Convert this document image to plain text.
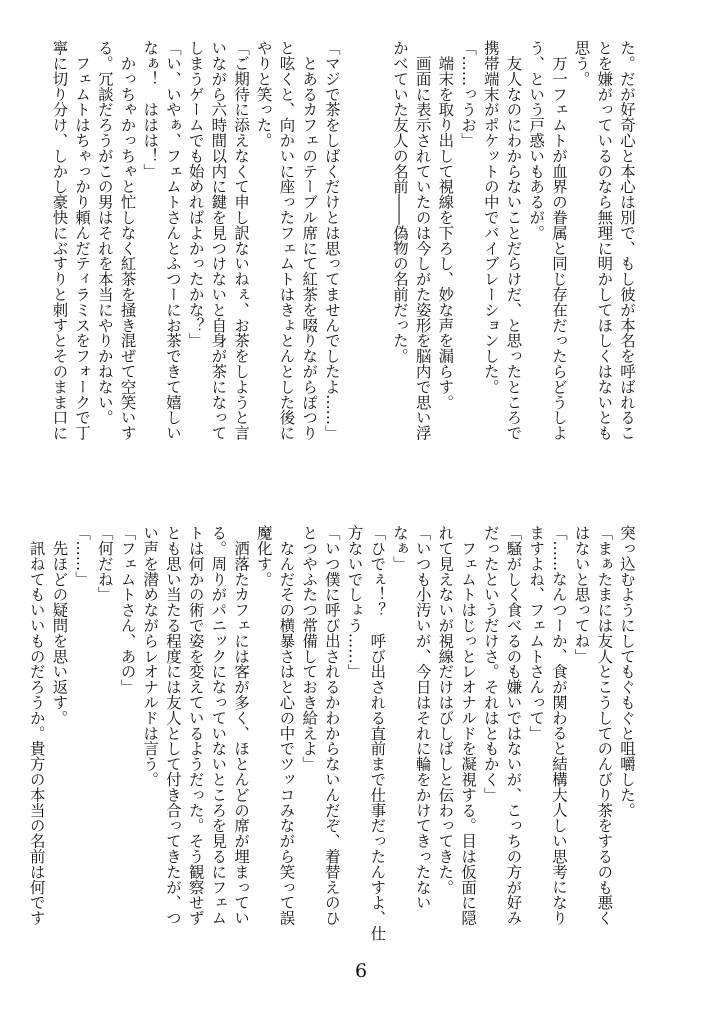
た。だが好奇心と本心は別で、もし彼が本名を呼ばれるこ

とを嫌がっているのなら無理に明かしてほしくはないとも

思う。

　万一フェムトが血界の眷属と同じ存在だったらどうしよ

う、という戸惑いもあるが。

　友人なのにわからないことだらけだ、と思ったところで

携帯端末がポケットの中でバイブレーションした。

「……っうお」

　端末を取り出して視線を下ろし、妙な声を漏らす。

　画面に表示されていたのは今しがた姿形を脳内で思い浮

かべていた友人の名前――偽物の名前だった。

「マジで茶をしばくだけとは思ってませんでしたよ……」

　とあるカフェのテーブル席にて紅茶を啜りながらぽつり

と呟くと、向かいに座ったフェムトはきょとんとした後に

やりと笑った。

「ご期待に添えなくて申し訳ないねぇ、お茶をしようと言

いながら六時間以内に鍵を見つけないと自身が茶になって

しまうゲームでも始めればよかったかな？」

「い、いやぁ、フェムトさんとふつーにお茶できて嬉しい

なぁ！　ははは！」

　かっちゃかっちゃと忙しなく紅茶を掻き混ぜて空笑いす

る。冗談だろうがこの男はそれを本当にやりかねない。

　フェムトはちゃっかり頼んだティラミスをフォークで丁

寧に切り分け、しかし豪快にぶすりと刺すとそのまま口に

突っ込むようにしてもぐもぐと咀嚼した。

「まぁたまには友人とこうしてのんびり茶をするのも悪く

はないと思ってね」

「……なんつーか、食が関わると結構大人しい思考になり

ますよね、フェムトさんって」

「騒がしく食べるのも嫌いではないが、こっちの方が好み

だったというだけさ。それはともかく」

　フェムトはじっとレオナルドを凝視する。目は仮面に隠

れて見えないが視線だけはびしばしと伝わってきた。

「いつも小汚いが、今日はそれに輪をかけてきったない

なぁ」

「ひでぇ！？　呼び出される直前まで仕事だったんすよ、仕

方ないでしょう……」

「いつ僕に呼び出されるかわからないんだぞ、着替えのひ

とつやふたつ常備しておき給えよ」

　なんだその横暴さはと心の中でツッコみながら笑って誤

魔化す。

　洒落たカフェには客が多く、ほとんどの席が埋まってい

る。周りがパニックになっていないところを見るにフェム

トは何かの術で姿を変えているようだった。そう観察せず

とも思い当たる程度には友人として付き合ってきたが、つ

い声を潜めながらレオナルドは言う。

「フェムトさん、あの」

「何だね」

「……」

　先ほどの疑問を思い返す。

　訊ねてもいいものだろうか。貴方の本当の名前は何です

6
